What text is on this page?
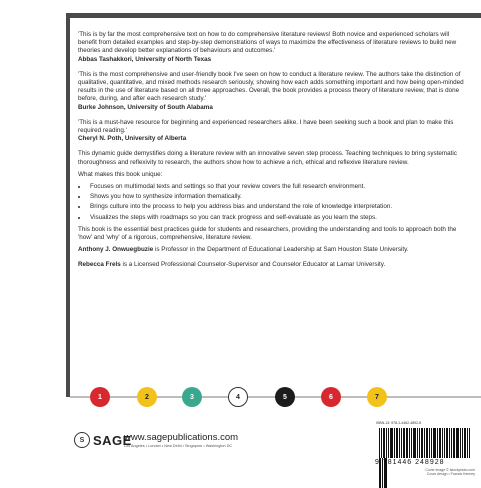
'This is by far the most comprehensive text on how to do comprehensive literature reviews! Both novice and experienced scholars will benefit from detailed examples and step-by-step demonstrations of ways to maximize the effectiveness of literature reviews to build new theories and develop better explanations of behaviours and outcomes.'
Abbas Tashakkori, University of North Texas

'This is the most comprehensive and user-friendly book I've seen on how to conduct a literature review. The authors take the distinction of qualitative, quantitative, and mixed methods research seriously, showing how each adds something important and how being open-minded results in the use of literature based on all three approaches. Overall, the book provides a process theory of literature review, that is done before, during, and after each research study.'
Burke Johnson, University of South Alabama

'This is a must-have resource for beginning and experienced researchers alike. I have been seeking such a book and plan to make this required reading.'
Cheryl N. Poth, University of Alberta

This dynamic guide demystifies doing a literature review with an innovative seven step process. Teaching techniques to bring systematic thoroughness and reflexivity to research, the authors show how to achieve a rich, ethical and reflexive literature review.

What makes this book unique:

• Focuses on multimodal texts and settings so that your review covers the full research environment.
• Shows you how to synthesize information thematically.
• Brings culture into the process to help you address bias and understand the role of knowledge interpretation.
• Visualizes the steps with roadmaps so you can track progress and self-evaluate as you learn the steps.

This book is the essential best practices guide for students and researchers, providing the understanding and tools to approach both the 'how' and 'why' of a rigorous, comprehensive, literature review.

Anthony J. Onwuegbuzie is Professor in the Department of Educational Leadership at Sam Houston State University.

Rebecca Frels is a Licensed Professional Counselor-Supervisor and Counselor Educator at Lamar University.

1	2	3	4	5	6	7
S SAGE
www.sagepublications.com
Los Angeles • London • New Delhi • Singapore • Washington DC
ISBN-13: 978-1-4462-4892-8
9 781446 248928
Cover image © istockphoto.com
Cover design • Francis Kenney
